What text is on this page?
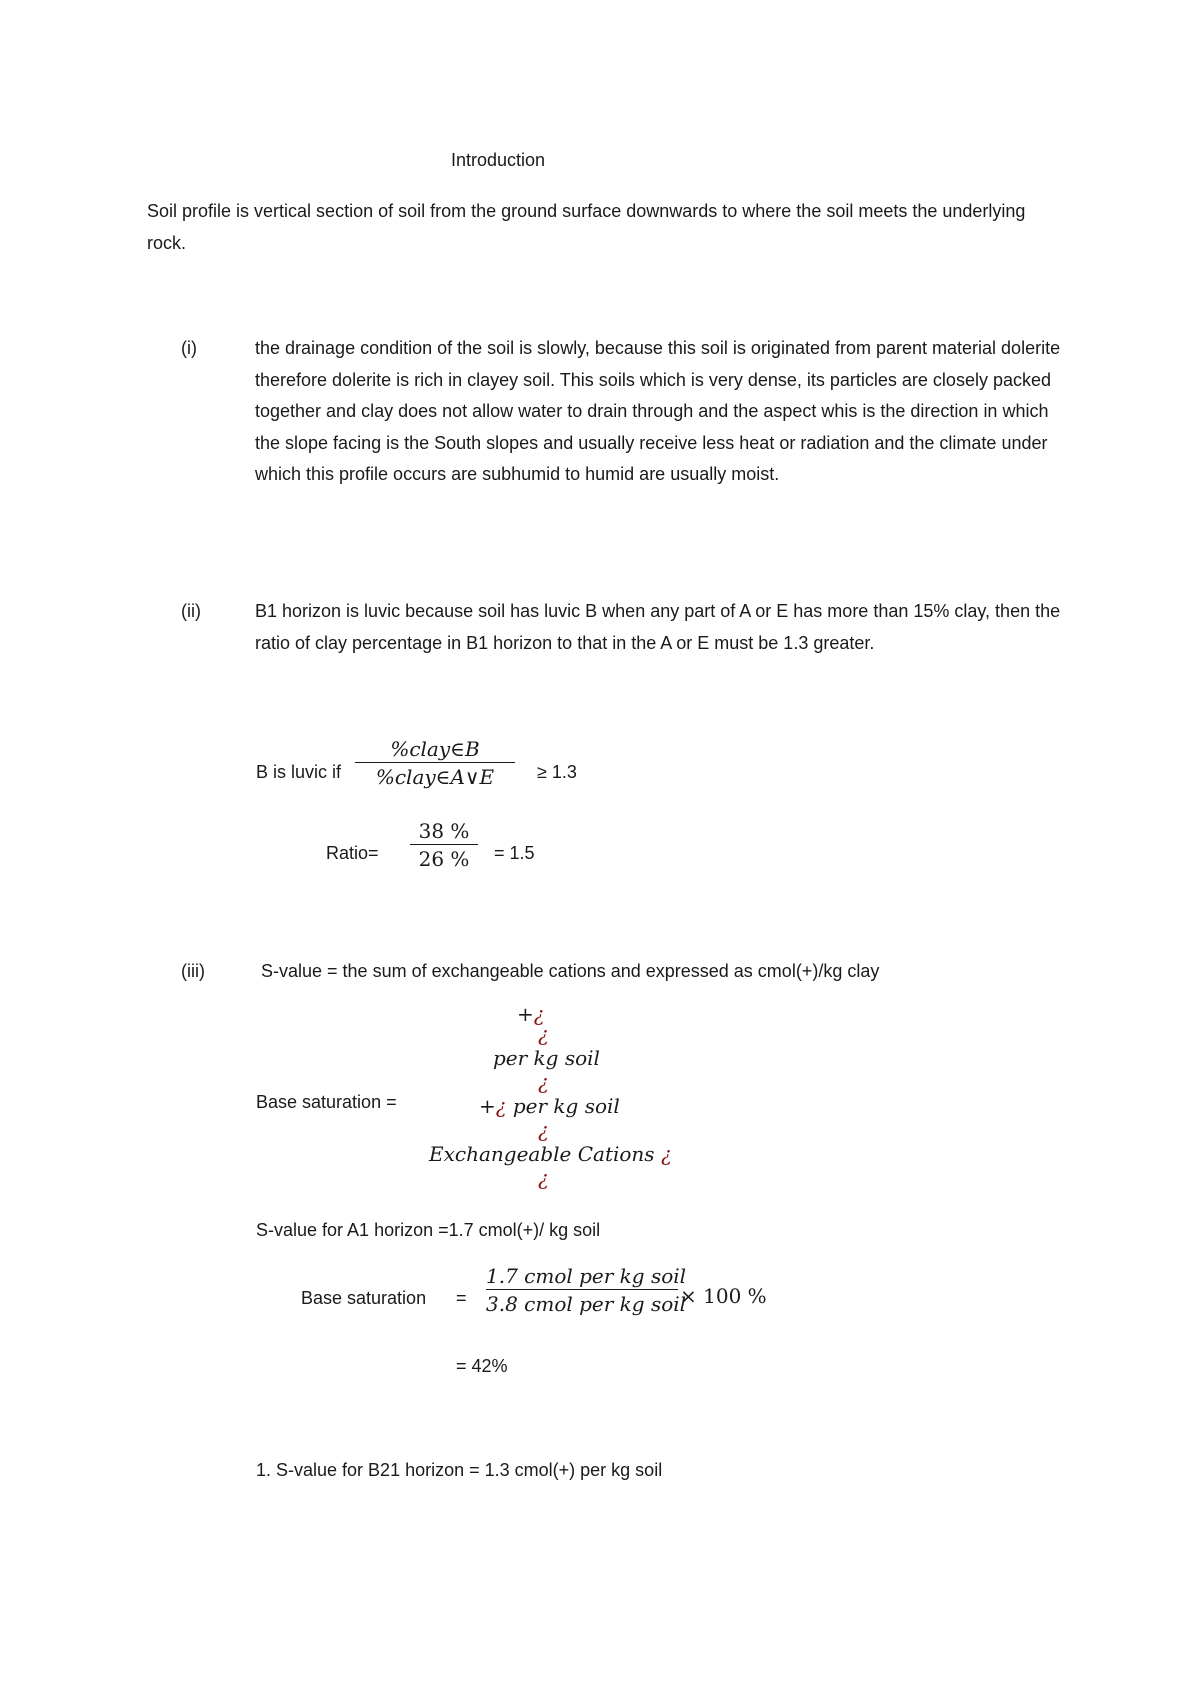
Introduction
Soil profile is vertical section of soil from the ground surface downwards to where the soil meets the underlying rock.
(i)	the drainage condition of the soil is slowly, because this soil is originated from parent material dolerite therefore dolerite is rich in clayey soil. This soils which is very dense, its particles are closely packed together and clay does not allow water to drain through and the aspect whis is the direction in which the slope facing is the South slopes and usually receive less heat or radiation and the climate under which this profile occurs are subhumid to humid are usually moist.
(ii)	B1 horizon is luvic because soil has luvic B when any part of A or E has more than 15% clay, then the ratio of clay percentage in B1 horizon to that in the A or E must be 1.3 greater.
B is luvic if
%clay∈B
%clay∈A∨E	≥ 1.3
Ratio=
38 %
26 %	= 1.5
(iii)	S-value = the sum of exchangeable cations and expressed as cmol(+)/kg clay
Base saturation =
+¿
¿
per kg soil
¿
+¿ per kg soil
¿
Exchangeable Cations ¿
¿
S-value for A1 horizon =1.7 cmol(+)/ kg soil
Base saturation =
1.7 cmol per kg soil
3.8 cmol per kg soil
× 100 %
= 42%
1. S-value for B21 horizon = 1.3 cmol(+) per kg soil
